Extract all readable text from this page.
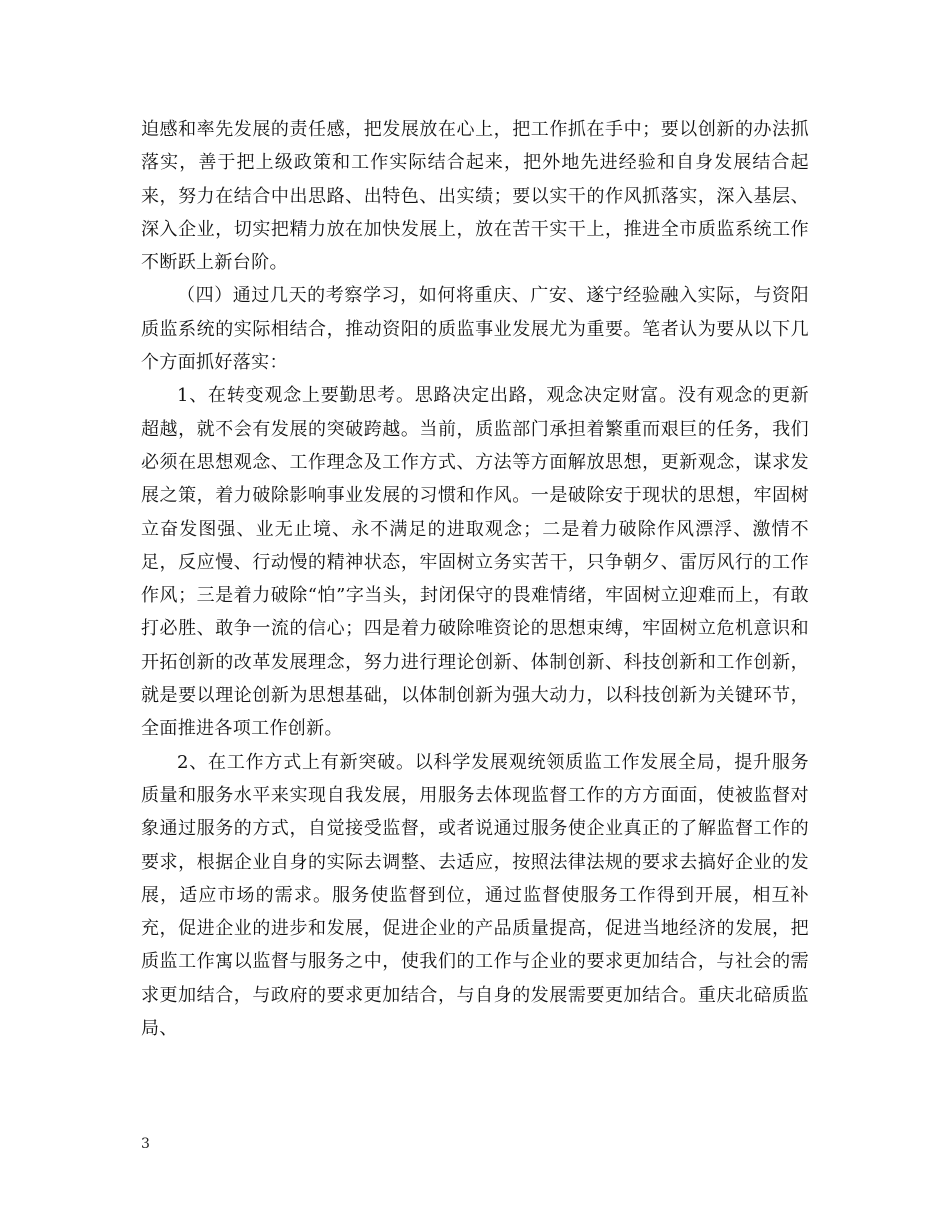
迫感和率先发展的责任感，把发展放在心上，把工作抓在手中；要以创新的办法抓落实，善于把上级政策和工作实际结合起来，把外地先进经验和自身发展结合起来，努力在结合中出思路、出特色、出实绩；要以实干的作风抓落实，深入基层、深入企业，切实把精力放在加快发展上，放在苦干实干上，推进全市质监系统工作不断跃上新台阶。

（四）通过几天的考察学习，如何将重庆、广安、遂宁经验融入实际，与资阳质监系统的实际相结合，推动资阳的质监事业发展尤为重要。笔者认为要从以下几个方面抓好落实：

1、在转变观念上要勤思考。思路决定出路，观念决定财富。没有观念的更新超越，就不会有发展的突破跨越。当前，质监部门承担着繁重而艰巨的任务，我们必须在思想观念、工作理念及工作方式、方法等方面解放思想，更新观念，谋求发展之策，着力破除影响事业发展的习惯和作风。一是破除安于现状的思想，牢固树立奋发图强、业无止境、永不满足的进取观念；二是着力破除作风漂浮、激情不足，反应慢、行动慢的精神状态，牢固树立务实苦干，只争朝夕、雷厉风行的工作作风；三是着力破除“怕”字当头，封闭保守的畏难情绪，牢固树立迎难而上，有敢打必胜、敢争一流的信心；四是着力破除唯资论的思想束缚，牢固树立危机意识和开拓创新的改革发展理念，努力进行理论创新、体制创新、科技创新和工作创新，就是要以理论创新为思想基础，以体制创新为强大动力，以科技创新为关键环节，全面推进各项工作创新。

2、在工作方式上有新突破。以科学发展观统领质监工作发展全局，提升服务质量和服务水平来实现自我发展，用服务去体现监督工作的方方面面，使被监督对象通过服务的方式，自觉接受监督，或者说通过服务使企业真正的了解监督工作的要求，根据企业自身的实际去调整、去适应，按照法律法规的要求去搞好企业的发展，适应市场的需求。服务使监督到位，通过监督使服务工作得到开展，相互补充，促进企业的进步和发展，促进企业的产品质量提高，促进当地经济的发展，把质监工作寓以监督与服务之中，使我们的工作与企业的要求更加结合，与社会的需求更加结合，与政府的要求更加结合，与自身的发展需要更加结合。重庆北碚质监局、

3
